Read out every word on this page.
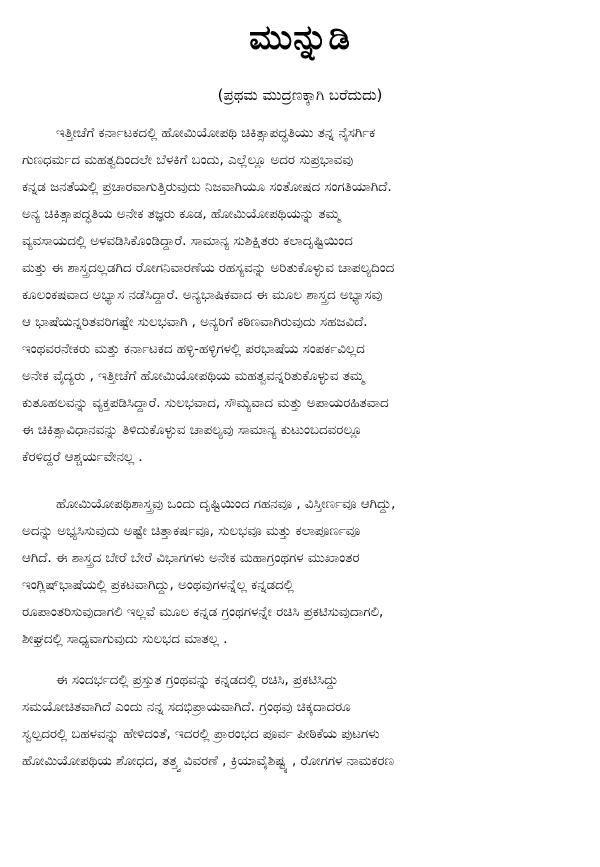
ಮುನ್ನುಡಿ
(ಪ್ರಥಮ ಮುದ್ರಣಕ್ಕಾಗಿ ಬರೆದುದು)
ಇತ್ತೀಚೆಗೆ ಕರ್ನಾಟಕದಲ್ಲಿ ಹೋಮಿಯೋಪಥಿ ಚಿಕಿತ್ಸಾಪದ್ಧತಿಯು ತನ್ನ ನೈಸರ್ಗಿಕ
ಗುಣಧರ್ಮದ ಮಹತ್ವದಿಂದಲೇ ಬೆಳಕಿಗೆ ಬಂದು, ಎಲ್ಲೆಲ್ಲೂ ಅದರ ಸುಪ್ರಭಾವವು
ಕನ್ನಡ ಜನತೆಯಲ್ಲಿ ಪ್ರಚಾರವಾಗುತ್ತಿರುವುದು ನಿಜವಾಗಿಯೂ ಸಂತೋಷದ ಸಂಗತಿಯಾಗಿದೆ.
ಅನ್ಯ ಚಿಕಿತ್ಸಾಪದ್ಧತಿಯ ಅನೇಕ ತಜ್ಞರು ಕೂಡ, ಹೋಮಿಯೋಪಥಿಯನ್ನು ತಮ್ಮ
ವ್ಯವಸಾಯದಲ್ಲಿ ಅಳವಡಿಸಿಕೊಂಡಿದ್ದಾರೆ. ಸಾಮಾನ್ಯ ಸುಶಿಕ್ಷಿತರು ಕಲಾದೃಷ್ಟಿಯಿಂದ
ಮತ್ತು ಈ ಶಾಸ್ತ್ರದಲ್ಲಡಗಿದ ರೋಗನಿವಾರಣೆಯ ರಹಸ್ಯವನ್ನು ಅರಿತುಕೊಳ್ಳುವ ಚಾಪಲ್ಯದಿಂದ
ಕೂಲಂಕಷವಾದ ಅಭ್ಯಾಸ ನಡೆಸಿದ್ದಾರೆ. ಅನ್ಯಭಾಷಿಕವಾದ ಈ ಮೂಲ ಶಾಸ್ತ್ರದ ಅಭ್ಯಾಸವು
ಆ ಭಾಷೆಯನ್ನರಿತವರಿಗಷ್ಟೇ ಸುಲಭವಾಗಿ , ಅನ್ಯರಿಗೆ ಕಠಿಣವಾಗಿರುವುದು ಸಹಜವಿದೆ.
ಇಂಥವರನೇಕರು ಮತ್ತು ಕರ್ನಾಟಕದ ಹಳ್ಳಿ-ಹಳ್ಳಿಗಳಲ್ಲಿ ಪರಭಾಷೆಯ ಸಂಪರ್ಕವಿಲ್ಲದ
ಅನೇಕ ವೈದ್ಯರು , ಇತ್ತೀಚೆಗೆ ಹೋಮಿಯೋಪಥಿಯ ಮಹತ್ವವನ್ನರಿತುಕೊಳ್ಳುವ ತಮ್ಮ
ಕುತೂಹಲವನ್ನು ವ್ಯಕ್ತಪಡಿಸಿದ್ದಾರೆ. ಸುಲಭವಾದ, ಸೌಮ್ಯವಾದ ಮತ್ತು ಅಪಾಯರಹಿತವಾದ
ಈ ಚಿಕಿತ್ಸಾವಿಧಾನವನ್ನು ತಿಳಿದುಕೊಳ್ಳುವ ಚಾಪಲ್ಯವು ಸಾಮಾನ್ಯ ಕುಟುಂಬದವರಲ್ಲೂ
ಕೆರಳಿದ್ದರೆ ಆಶ್ಚರ್ಯವೇನಲ್ಲ .
ಹೋಮಿಯೋಪಥಿಶಾಸ್ತ್ರವು ಒಂದು ದೃಷ್ಟಿಯಿಂದ ಗಹನವೂ , ವಿಸ್ತೀರ್ಣವೂ ಆಗಿದ್ದು,
ಅದನ್ನು ಅಭ್ಯಸಿಸುವುದು ಅಷ್ಟೇ ಚಿತ್ತಾಕರ್ಷವೂ, ಸುಲಭವೂ ಮತ್ತು ಕಲಾಪೂರ್ಣವೂ
ಆಗಿದೆ. ಈ ಶಾಸ್ತ್ರದ ಬೇರೆ ಬೇರೆ ವಿಭಾಗಗಳು ಅನೇಕ ಮಹಾಗ್ರಂಥಗಳ ಮುಖಾಂತರ
ಇಂಗ್ಲಿಷ್‌ಭಾಷೆಯಲ್ಲಿ ಪ್ರಕಟವಾಗಿದ್ದು, ಅಂಥವುಗಳನ್ನೆಲ್ಲ ಕನ್ನಡದಲ್ಲಿ
ರೂಪಾಂತರಿಸುವುದಾಗಲಿ ಇಲ್ಲವೆ ಮೂಲ ಕನ್ನಡ ಗ್ರಂಥಗಳನ್ನೇ ರಚಿಸಿ ಪ್ರಕಟಿಸುವುದಾಗಲಿ,
ಶೀಘ್ರದಲ್ಲಿ ಸಾಧ್ಯವಾಗುವುದು ಸುಲಭದ ಮಾತಲ್ಲ .
ಈ ಸಂದರ್ಭದಲ್ಲಿ ಪ್ರಸ್ತುತ ಗ್ರಂಥವನ್ನು ಕನ್ನಡದಲ್ಲಿ ರಚಿಸಿ, ಪ್ರಕಟಿಸಿದ್ದು
ಸಮಯೋಚಿತವಾಗಿದೆ ಎಂದು ನನ್ನ ಸದಭಿಪ್ರಾಯವಾಗಿದೆ. ಗ್ರಂಥವು ಚಿಕ್ಕದಾದರೂ
ಸ್ವಲ್ಪದರಲ್ಲಿ ಬಹಳವನ್ನು ಹೇಳಿದಂತೆ, ಇದರಲ್ಲಿ ಪ್ರಾರಂಭದ ಪೂರ್ವ ಪೀಠಿಕೆಯ ಪುಟಗಳು
ಹೋಮಿಯೋಪಥಿಯ ಶೋಧದ, ತತ್ತ್ವ ವಿವರಣೆ , ಕ್ರಿಯಾವೈಶಿಷ್ಟ್ಯ , ರೋಗಗಳ ನಾಮಕರಣ
